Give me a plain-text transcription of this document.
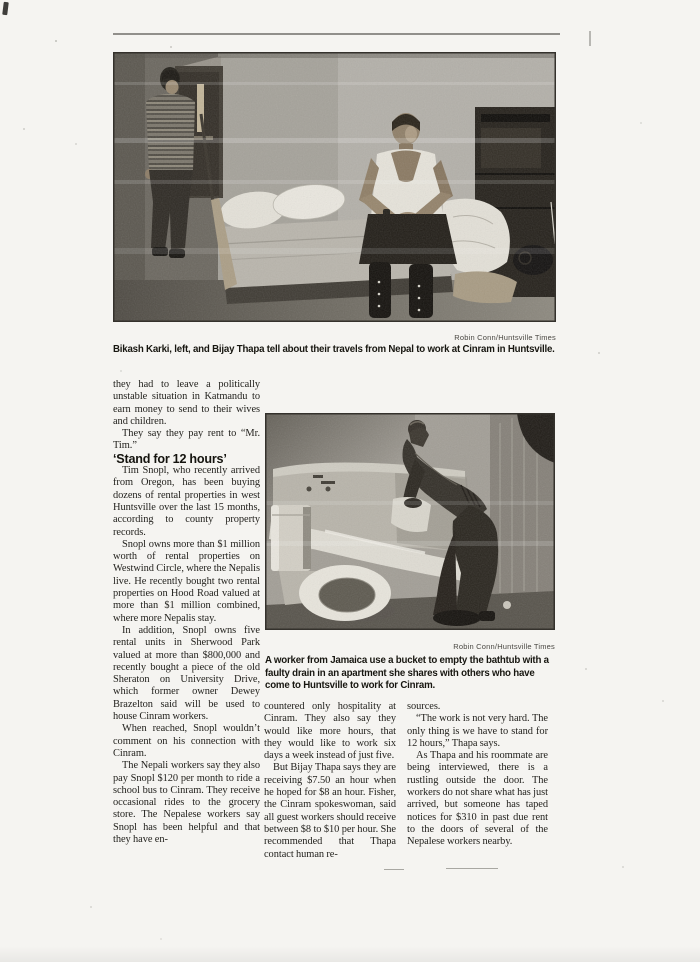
Robin Conn/Huntsville Times
Bikash Karki, left, and Bijay Thapa tell about their travels from Nepal to work at Cinram in Huntsville.

they had to leave a politically unstable situation in Katmandu to earn money to send to their wives and children.

They say they pay rent to “Mr. Tim.”

‘Stand for 12 hours’

Tim Snopl, who recently arrived from Oregon, has been buying dozens of rental properties in west Huntsville over the last 15 months, according to county property records.

Snopl owns more than $1 million worth of rental properties on Westwind Circle, where the Nepalis live. He recently bought two rental properties on Hood Road valued at more than $1 million combined, where more Nepalis stay.

In addition, Snopl owns five rental units in Sherwood Park valued at more than $800,000 and recently bought a piece of the old Sheraton on University Drive, which former owner Dewey Brazelton said will be used to house Cinram workers.

When reached, Snopl wouldn’t comment on his connection with Cinram.

The Nepali workers say they also pay Snopl $120 per month to ride a school bus to Cinram. They receive occasional rides to the grocery store. The Nepalese workers say Snopl has been helpful and that they have en-

Robin Conn/Huntsville Times
A worker from Jamaica use a bucket to empty the bathtub with a faulty drain in an apartment she shares with others who have come to Huntsville to work for Cinram.

countered only hospitality at Cinram. They also say they would like more hours, that they would like to work six days a week instead of just five.

But Bijay Thapa says they are receiving $7.50 an hour when he hoped for $8 an hour. Fisher, the Cinram spokeswoman, said all guest workers should receive between $8 to $10 per hour. She recommended that Thapa contact human re-

sources.

“The work is not very hard. The only thing is we have to stand for 12 hours,” Thapa says.

As Thapa and his roommate are being interviewed, there is a rustling outside the door. The workers do not share what has just arrived, but someone has taped notices for $310 in past due rent to the doors of several of the Nepalese workers nearby.
